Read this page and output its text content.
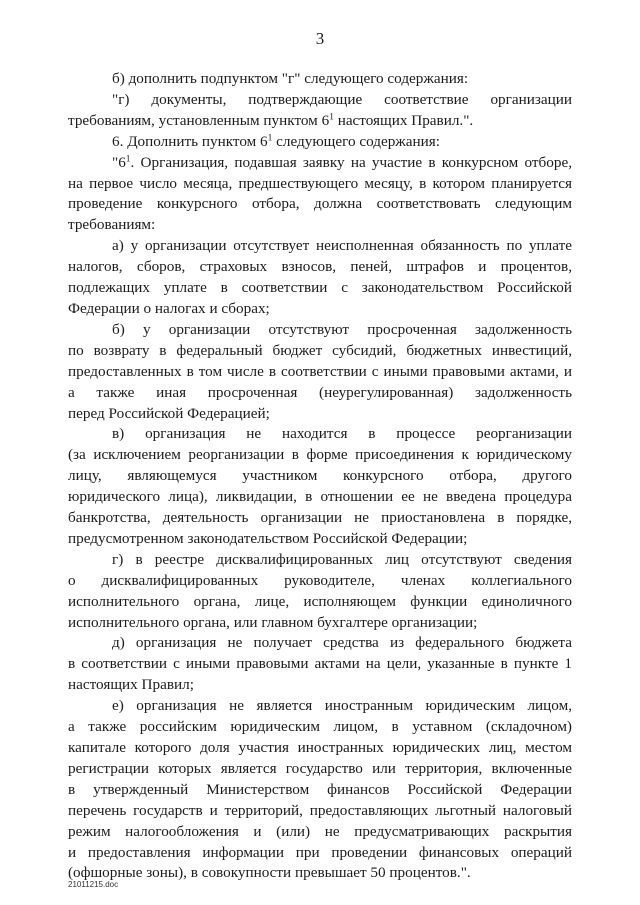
3

б) дополнить подпунктом "г" следующего содержания:

"г) документы, подтверждающие соответствие организации
требованиям, установленным пунктом $6^1$ настоящих Правил.".

6. Дополнить пунктом $6^1$ следующего содержания:

"$6^1$. Организация, подавшая заявку на участие в конкурсном отборе,
на первое число месяца, предшествующего месяцу, в котором планируется
проведение конкурсного отбора, должна соответствовать следующим
требованиям:

а) у организации отсутствует неисполненная обязанность по уплате
налогов, сборов, страховых взносов, пеней, штрафов и процентов,
подлежащих уплате в соответствии с законодательством Российской
Федерации о налогах и сборах;

б) у организации отсутствуют просроченная задолженность
по возврату в федеральный бюджет субсидий, бюджетных инвестиций,
предоставленных в том числе в соответствии с иными правовыми актами, и
а также иная просроченная (неурегулированная) задолженность
перед Российской Федерацией;

в) организация не находится в процессе реорганизации
(за исключением реорганизации в форме присоединения к юридическому
лицу, являющемуся участником конкурсного отбора, другого
юридического лица), ликвидации, в отношении ее не введена процедура
банкротства, деятельность организации не приостановлена в порядке,
предусмотренном законодательством Российской Федерации;

г) в реестре дисквалифицированных лиц отсутствуют сведения
о дисквалифицированных руководителе, членах коллегиального
исполнительного органа, лице, исполняющем функции единоличного
исполнительного органа, или главном бухгалтере организации;

д) организация не получает средства из федерального бюджета
в соответствии с иными правовыми актами на цели, указанные в пункте 1
настоящих Правил;

е) организация не является иностранным юридическим лицом,
а также российским юридическим лицом, в уставном (складочном)
капитале которого доля участия иностранных юридических лиц, местом
регистрации которых является государство или территория, включенные
в утвержденный Министерством финансов Российской Федерации
перечень государств и территорий, предоставляющих льготный налоговый
режим налогообложения и (или) не предусматривающих раскрытия
и предоставления информации при проведении финансовых операций
(офшорные зоны), в совокупности превышает 50 процентов.".

21011215.doc
